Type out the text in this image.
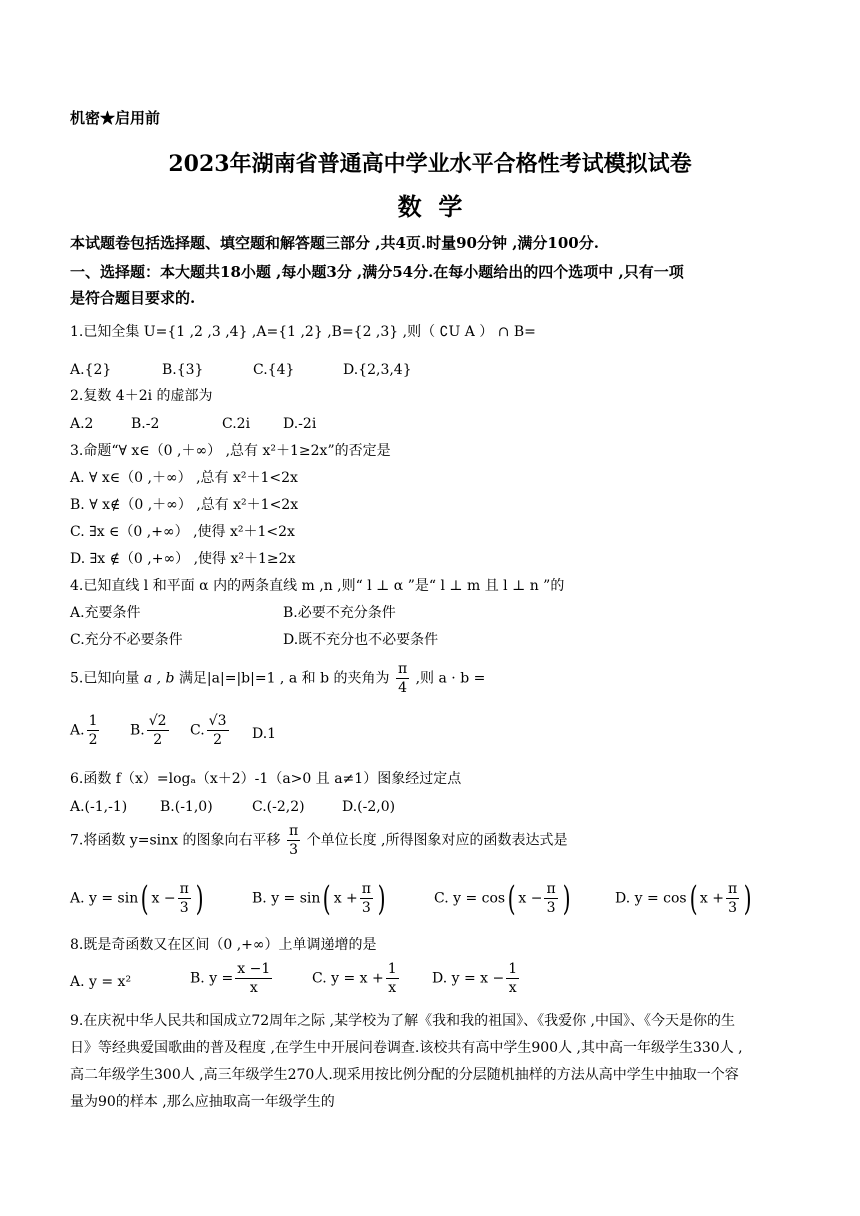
机密★启用前
2023年湖南省普通高中学业水平合格性考试模拟试卷
数  学
本试题卷包括选择题、填空题和解答题三部分 ,共4页.时量90分钟 ,满分100分.
一、选择题：本大题共18小题 ,每小题3分 ,满分54分.在每小题给出的四个选项中 ,只有一项
是符合题目要求的.
1.已知全集 U={1 ,2 ,3 ,4} ,A={1 ,2} ,B={2 ,3} ,则（ ∁U A ） ∩ B=
A.{2}	B.{3}	C.{4}	D.{2,3,4}
2.复数 4＋2i 的虚部为
A.2	B.-2	C.2i D.-2i
3.命题“∀ x∈（0 ,＋∞） ,总有 x²＋1≥2x”的否定是
A. ∀ x∈（0 ,＋∞） ,总有 x²＋1<2x
B. ∀ x∉（0 ,＋∞） ,总有 x²＋1<2x
C. ∃x ∈（0 ,+∞） ,使得 x²＋1<2x
D. ∃x ∉（0 ,+∞） ,使得 x²＋1≥2x
4.已知直线 l 和平面 α 内的两条直线 m ,n ,则“ l ⊥ α ”是“ l ⊥ m 且 l ⊥ n ”的
A.充要条件	B.必要不充分条件
C.充分不必要条件	D.既不充分也不必要条件
5.已知向量 a , b 满足|a|=|b|=1 , a 和 b 的夹角为 $\frac{\pi}{4}$ ,则 a · b =
A. $\frac{1}{2} B$. $\frac{√2}{2} C$. $\frac{√3}{2} D.1$
6.函数 f（x）=logₐ（x＋2）-1（a>0 且 a≠1）图象经过定点
A.(-1,-1) B.(-1,0)	C.(-2,2)	D.(-2,0)
7.将函数 y=sinx 的图象向右平移 $\frac{\pi}{3}$ 个单位长度 ,所得图象对应的函数表达式是
A. y = sin( $x - \frac{\pi}{3}$ )	B. y = sin( $x + \frac{\pi}{3}$ )	C. y = cos( $x - \frac{\pi}{3}$ )	D. y = cos( $x + \frac{\pi}{3}$ )
8.既是奇函数又在区间（0 ,+∞）上单调递增的是
A. y = x²	B. $y = \frac{x -1}{x}$	C. $y = x + \frac{1}{x} D$. $y = x - \frac{1}{x}$
9.在庆祝中华人民共和国成立72周年之际 ,某学校为了解《我和我的祖国》、《我爱你 ,中国》、《今天是你的生
日》等经典爱国歌曲的普及程度 ,在学生中开展问卷调查.该校共有高中学生900人 ,其中高一年级学生330人 ,
高二年级学生300人 ,高三年级学生270人.现采用按比例分配的分层随机抽样的方法从高中学生中抽取一个容
量为90的样本 ,那么应抽取高一年级学生的
